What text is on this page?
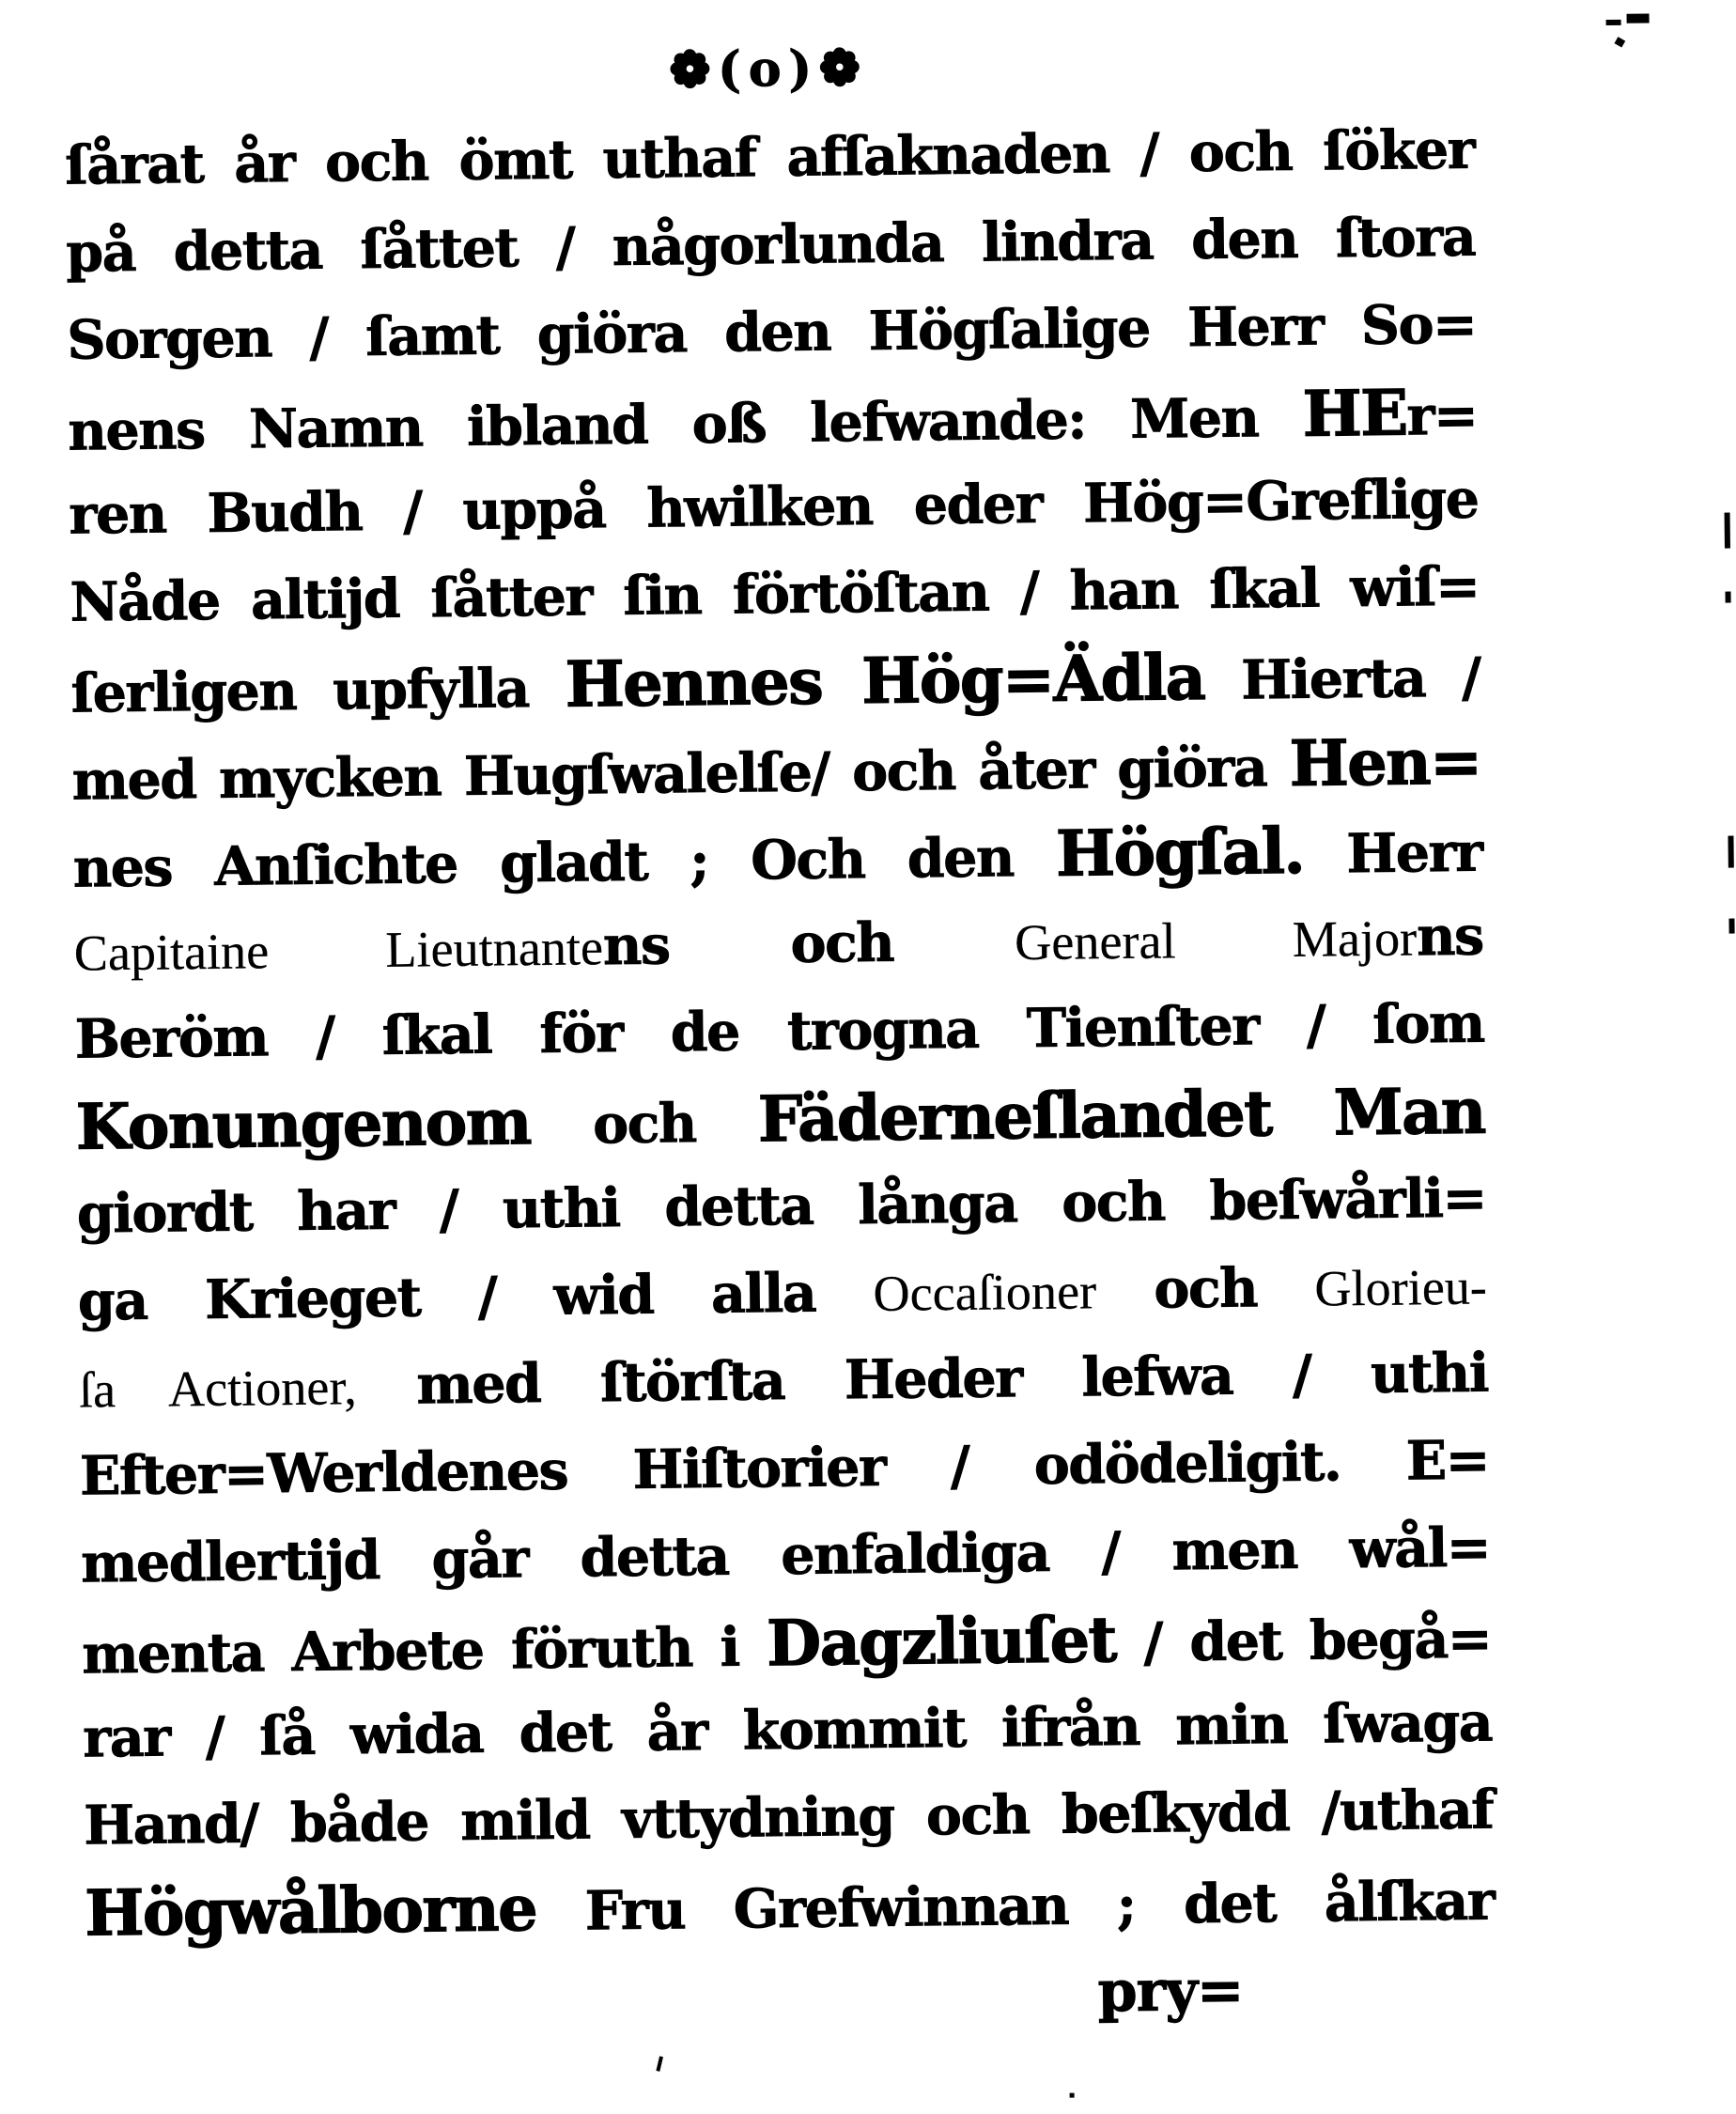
❁(o)❁
ſårat år och ömt uthaf afſaknaden / och ſöker
på detta ſåttet / någorlunda lindra den ſtora
Sorgen / ſamt giöra den Högſalige Herr So=
nens Namn ibland oß lefwande: Men HEr=
ren Budh / uppå hwilken eder Hög=Greflige
Nåde altijd ſåtter ſin förtöſtan / han ſkal wiſ=
ſerligen upfylla Hennes Hög=Ädla Hierta /
med mycken Hugſwalelſe/ och åter giöra Hen=
nes Anſichte gladt ; Och den Högſal. Herr
Capitaine Lieutnantens och General Majorns
Beröm / ſkal för de trogna Tienſter / ſom
Konungenom och Fäderneſlandet Man
giordt har / uthi detta långa och beſwårli=
ga Krieget / wid alla Occaſioner och Glorieu-
ſa Actioner, med ſtörſta Heder lefwa / uthi
Efter=Werldenes Hiſtorier / odödeligit. E=
medlertijd går detta enfaldiga / men wål=
menta Arbete föruth i Dagzliuſet / det begå=
rar / ſå wida det år kommit ifrån min ſwaga
Hand/ både mild vttydning och beſkydd /uthaf
Högwålborne Fru Grefwinnan ; det ålſkar
pry=
